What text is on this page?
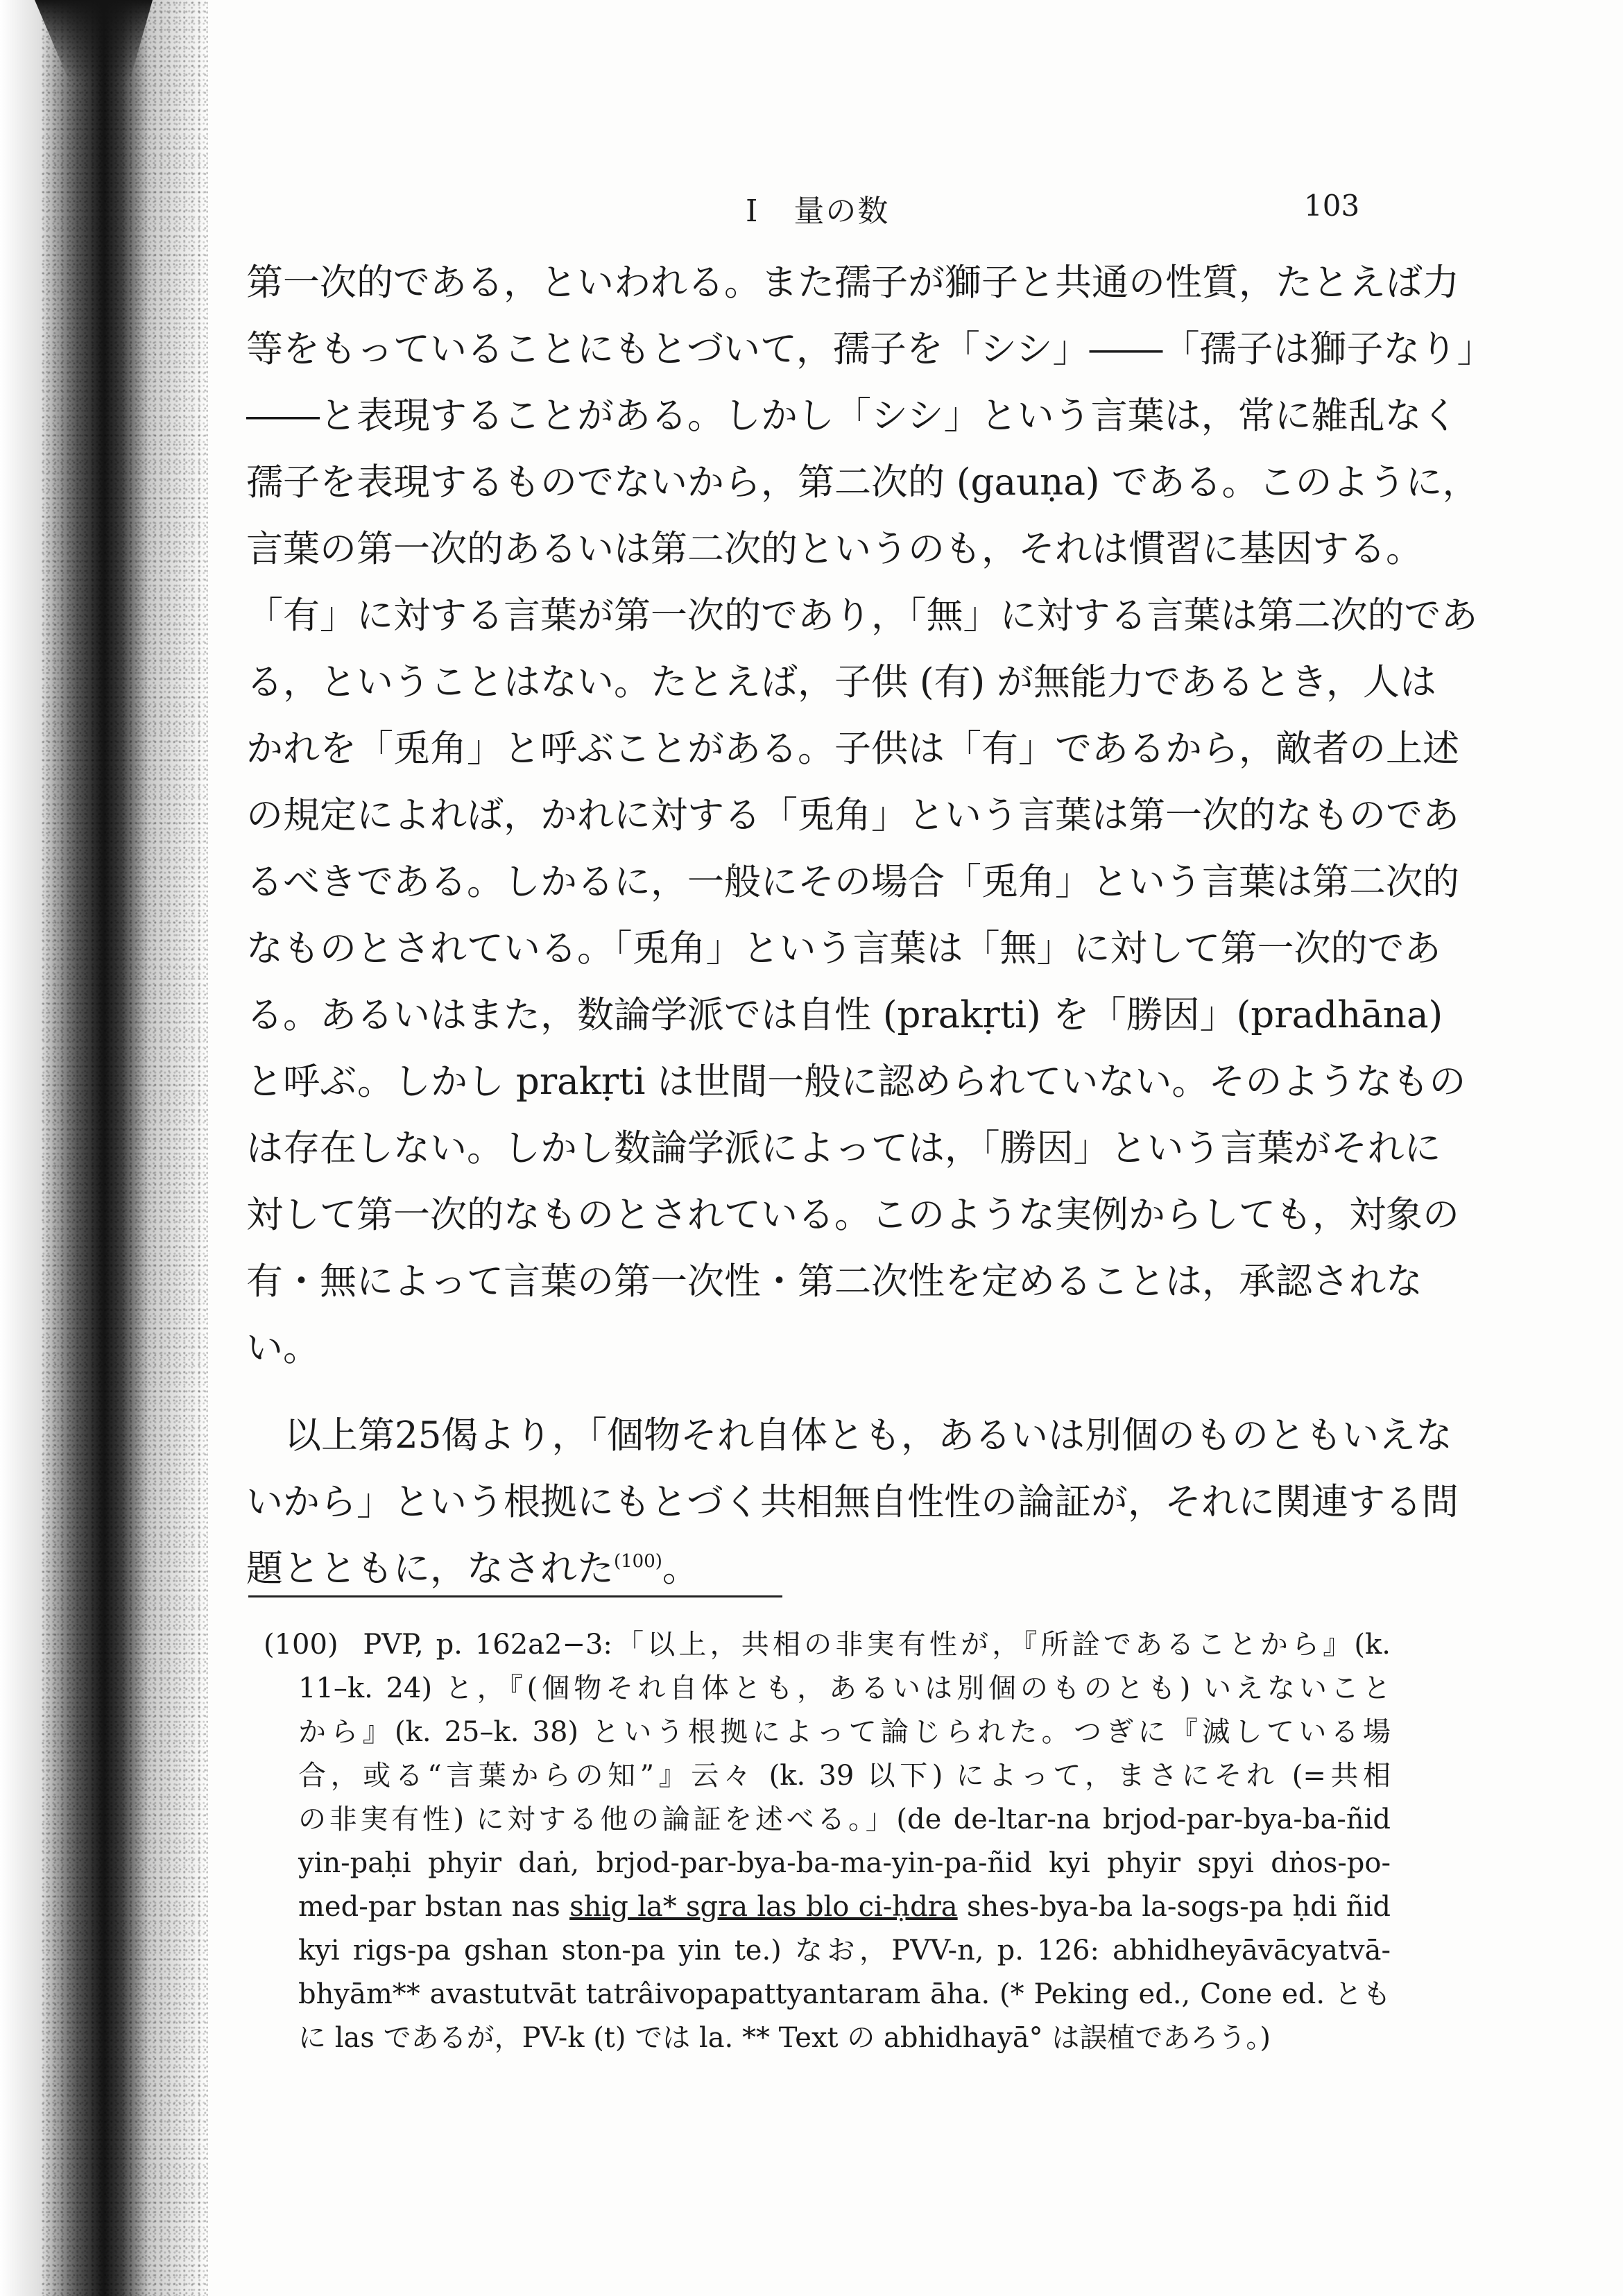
I 量の数	103
第一次的である，といわれる。また孺子が獅子と共通の性質，たとえば力
等をもっていることにもとづいて，孺子を「シシ」――「孺子は獅子なり」
――と表現することがある。しかし「シシ」という言葉は，常に雑乱なく
孺子を表現するものでないから，第二次的 (gauṇa) である。このように，
言葉の第一次的あるいは第二次的というのも，それは慣習に基因する。
「有」に対する言葉が第一次的であり，「無」に対する言葉は第二次的であ
る，ということはない。たとえば，子供 (有) が無能力であるとき，人は
かれを「兎角」と呼ぶことがある。子供は「有」であるから，敵者の上述
の規定によれば，かれに対する「兎角」という言葉は第一次的なものであ
るべきである。しかるに，一般にその場合「兎角」という言葉は第二次的
なものとされている。「兎角」という言葉は「無」に対して第一次的であ
る。あるいはまた，数論学派では自性 (prakṛti) を「勝因」(pradhāna)
と呼ぶ。しかし prakṛti は世間一般に認められていない。そのようなもの
は存在しない。しかし数論学派によっては，「勝因」という言葉がそれに
対して第一次的なものとされている。このような実例からしても，対象の
有・無によって言葉の第一次性・第二次性を定めることは，承認されな
い。
以上第25偈より，「個物それ自体とも，あるいは別個のものともいえな
いから」という根拠にもとづく共相無自性性の論証が，それに関連する問
題とともに，なされた$^{(100)}$。
(100) PVP, p. 162a2−3:「以上，共相の非実有性が，『所詮であることから』(k.
11–k. 24) と，『(個物それ自体とも，あるいは別個のものとも) いえないこと
から』(k. 25–k. 38) という根拠によって論じられた。つぎに『滅している場
合，或る“言葉からの知”』云々 (k. 39 以下) によって，まさにそれ (=共相
の非実有性) に対する他の論証を述べる。」(de de-ltar-na brjod-par-bya-ba-ñid
yin-paḥi phyir daṅ, brjod-par-bya-ba-ma-yin-pa-ñid kyi phyir spyi dṅos-po-
med-par bstan nas shig la* sgra las blo ci-ḥdra shes-bya-ba la-sogs-pa ḥdi ñid
kyi rigs-pa gshan ston-pa yin te.) なお，PVV-n, p. 126: abhidheyāvācyatvā-
bhyām** avastutvāt tatrâivopapattyantaram āha. (* Peking ed., Cone ed. とも
に las であるが，PV-k (t) では la. ** Text の abhidhayā° は誤植であろう。)
